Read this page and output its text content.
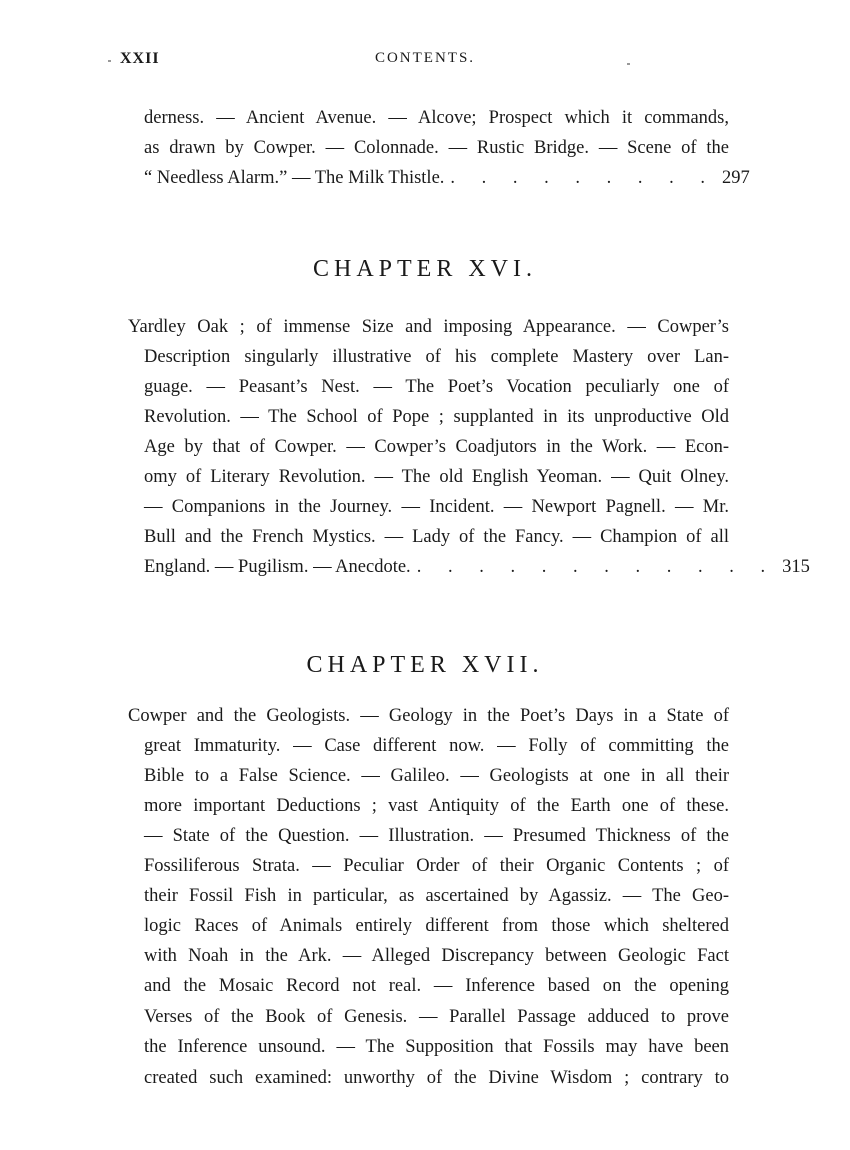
XXII	CONTENTS.
derness. — Ancient Avenue. — Alcove; Prospect which it commands,
as drawn by Cowper. — Colonnade. — Rustic Bridge. — Scene of the
“ Needless Alarm.” — The Milk Thistle. . . . . . . . . . 297
CHAPTER XVI.
Yardley Oak ; of immense Size and imposing Appearance. — Cowper’s
Description singularly illustrative of his complete Mastery over Lan-
guage. — Peasant’s Nest. — The Poet’s Vocation peculiarly one of
Revolution. — The School of Pope ; supplanted in its unproductive Old
Age by that of Cowper. — Cowper’s Coadjutors in the Work. — Econ-
omy of Literary Revolution. — The old English Yeoman. — Quit Olney.
— Companions in the Journey. — Incident. — Newport Pagnell. — Mr.
Bull and the French Mystics. — Lady of the Fancy. — Champion of all
England. — Pugilism. — Anecdote. . . . . . . . . . . . . 315
CHAPTER XVII.
Cowper and the Geologists. — Geology in the Poet’s Days in a State of
great Immaturity. — Case different now. — Folly of committing the
Bible to a False Science. — Galileo. — Geologists at one in all their
more important Deductions ; vast Antiquity of the Earth one of these.
— State of the Question. — Illustration. — Presumed Thickness of the
Fossiliferous Strata. — Peculiar Order of their Organic Contents ; of
their Fossil Fish in particular, as ascertained by Agassiz. — The Geo-
logic Races of Animals entirely different from those which sheltered
with Noah in the Ark. — Alleged Discrepancy between Geologic Fact
and the Mosaic Record not real. — Inference based on the opening
Verses of the Book of Genesis. — Parallel Passage adduced to prove
the Inference unsound. — The Supposition that Fossils may have been
created such examined: unworthy of the Divine Wisdom ; contrary to
